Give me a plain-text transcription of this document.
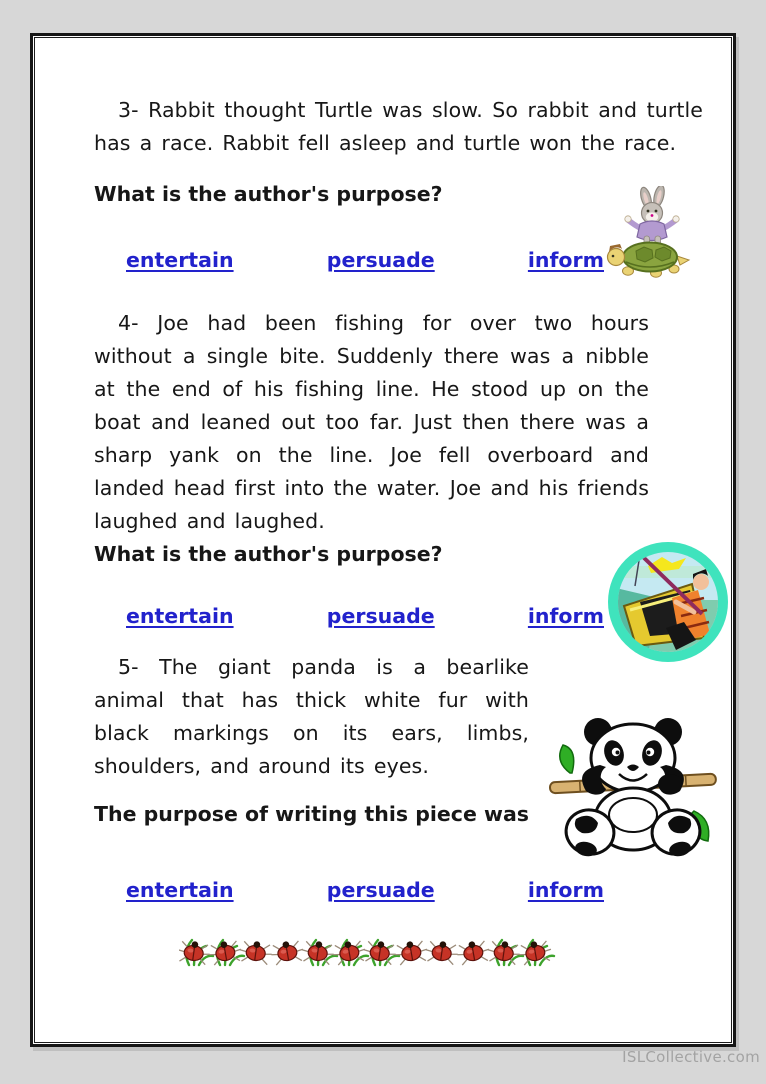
3- Rabbit thought Turtle was slow. So rabbit and turtle has a race. Rabbit fell asleep and turtle won the race.

What is the author's purpose?

entertain	persuade	inform

4- Joe had been fishing for over two hours without a single bite. Suddenly there was a nibble at the end of his fishing line. He stood up on the boat and leaned out too far. Just then there was a sharp yank on the line. Joe fell overboard and landed head first into the water. Joe and his friends laughed and laughed.

What is the author's purpose?

entertain	persuade	inform

5- The giant panda is a bearlike animal that has thick white fur with black markings on its ears, limbs, shoulders, and around its eyes.

The purpose of writing this piece was

entertain	persuade	inform
ISLCollective.com
